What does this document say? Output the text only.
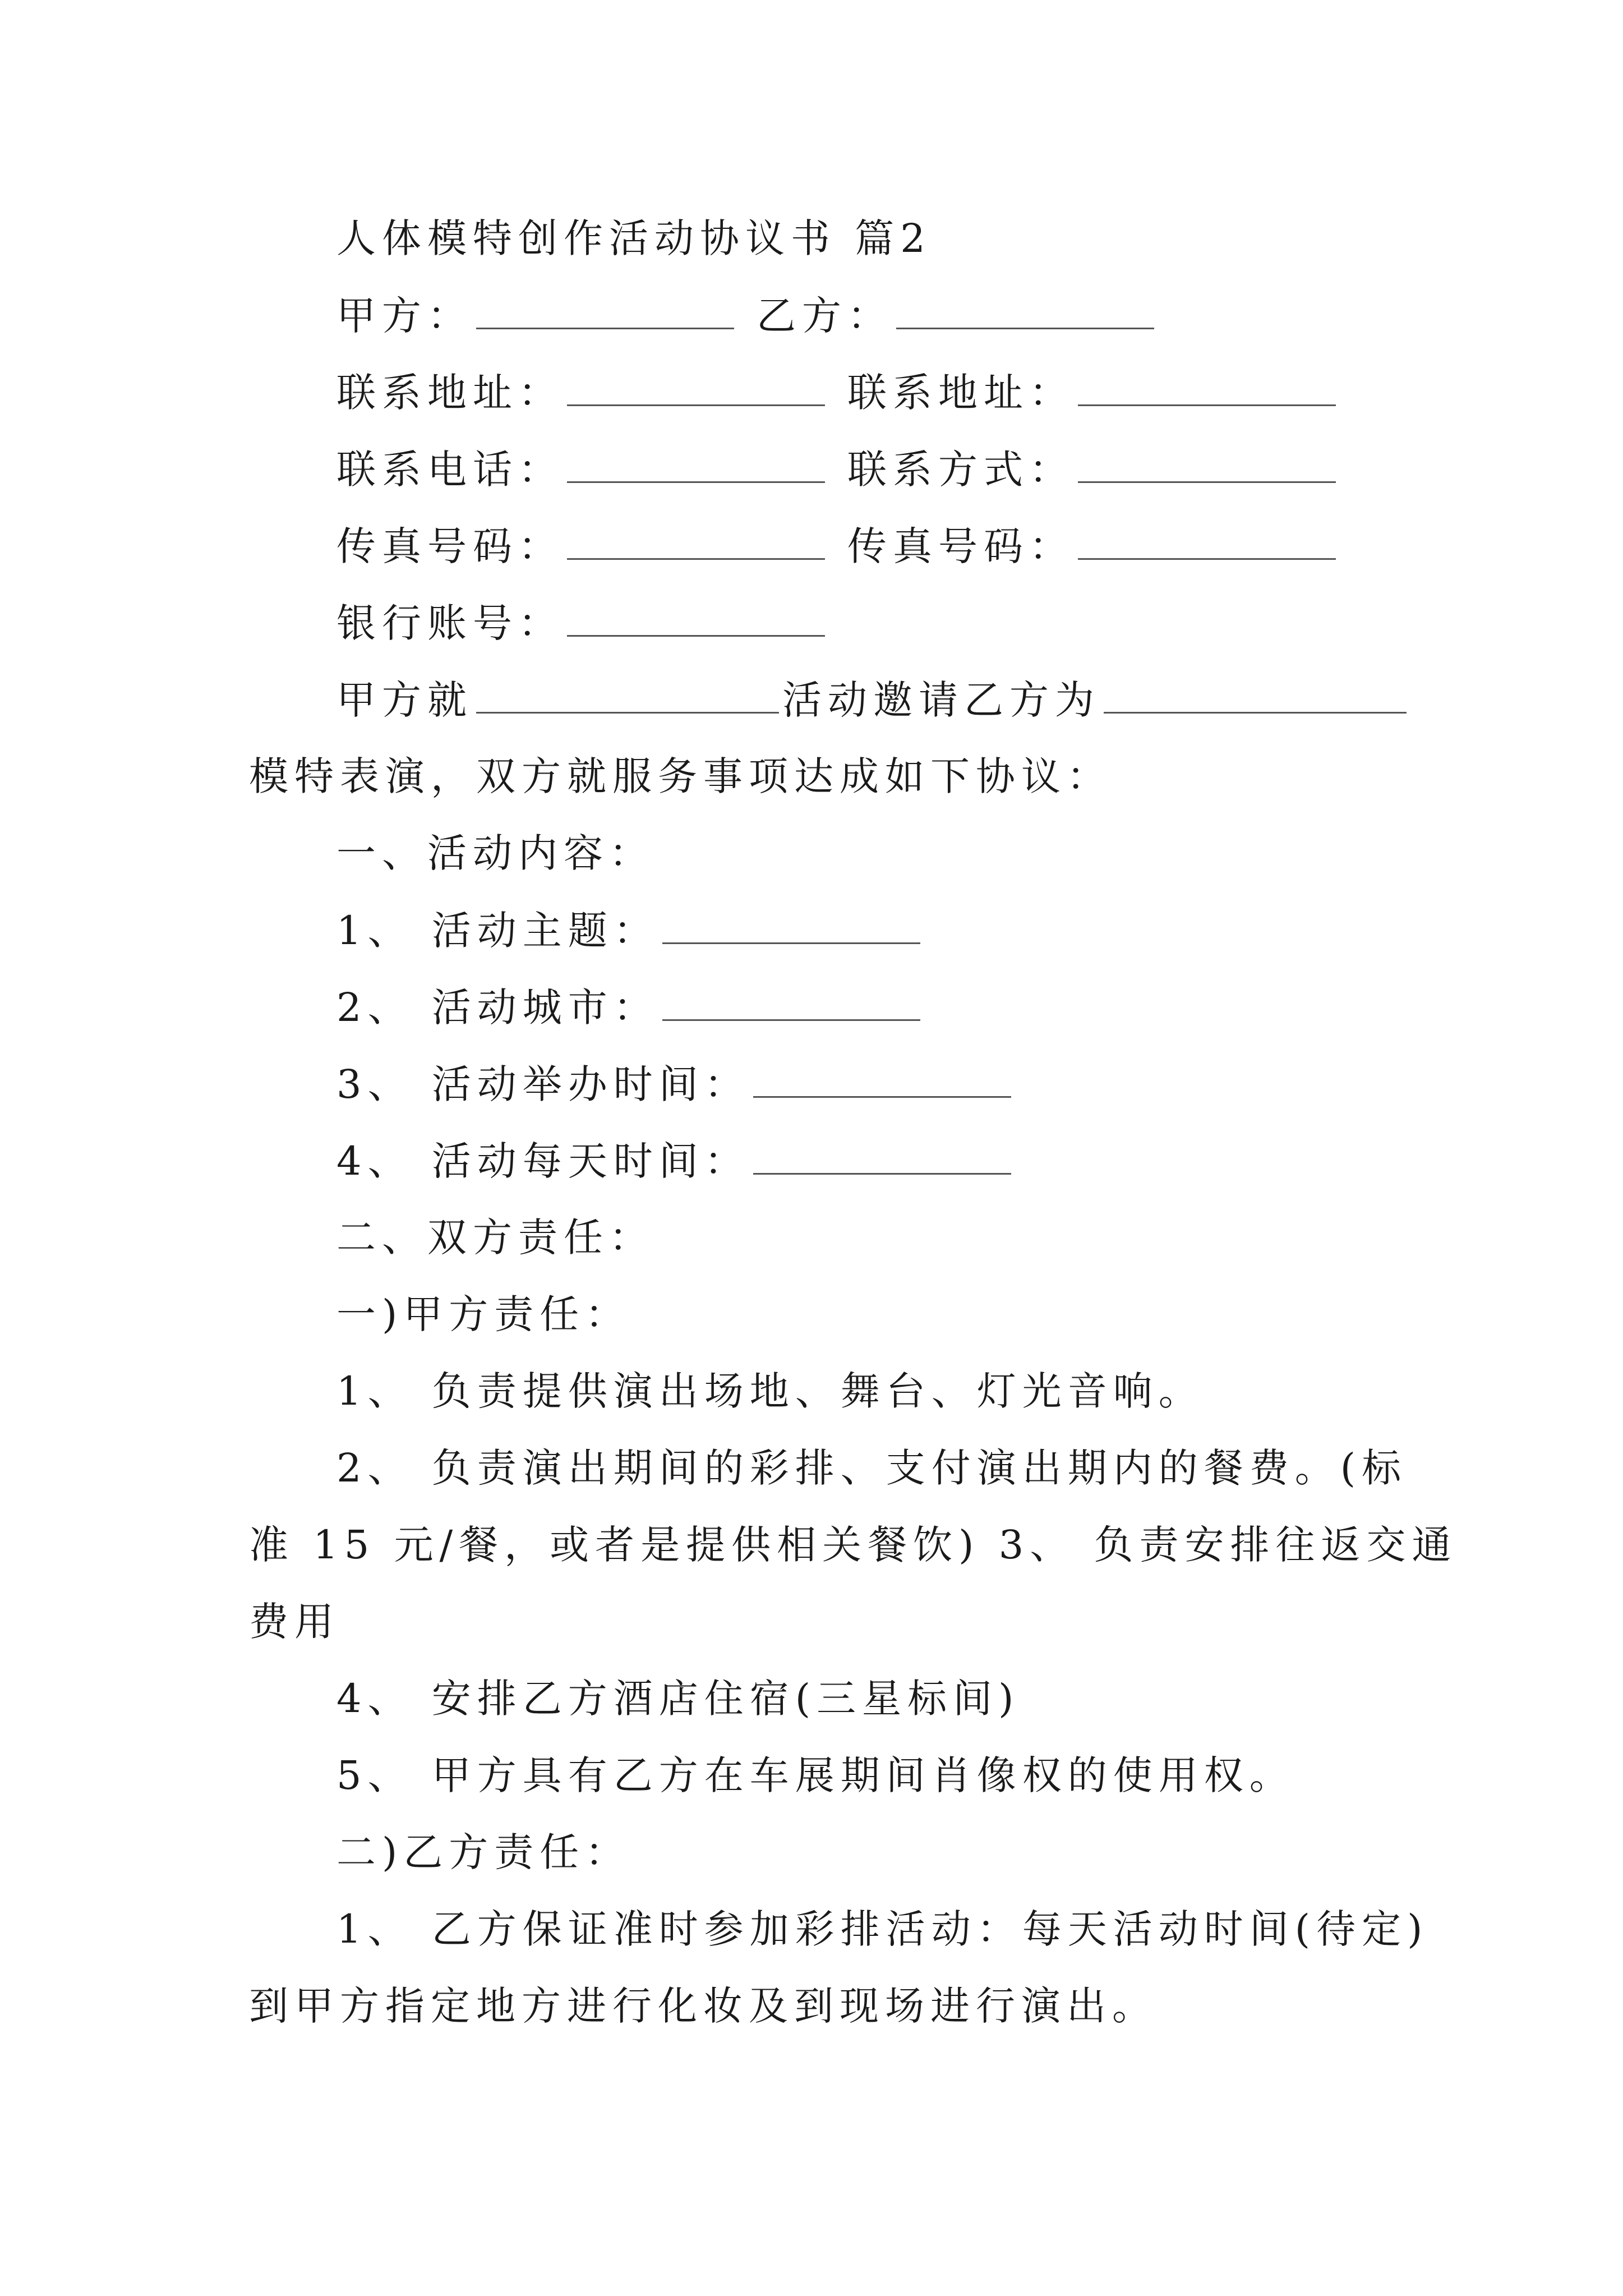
人体模特创作活动协议书 篇2
甲方：	乙方：
联系地址：	联系地址：
联系电话：	联系方式：
传真号码：	传真号码：
银行账号：
甲方就	活动邀请乙方为
模特表演，双方就服务事项达成如下协议：
一、活动内容：
1、 活动主题：
2、 活动城市：
3、 活动举办时间：
4、 活动每天时间：
二、双方责任：
一)甲方责任：
1、 负责提供演出场地、舞台、灯光音响。
2、 负责演出期间的彩排、支付演出期内的餐费。(标
准 15 元/餐，或者是提供相关餐饮) 3、 负责安排往返交通
费用
4、 安排乙方酒店住宿(三星标间)
5、 甲方具有乙方在车展期间肖像权的使用权。
二)乙方责任：
1、 乙方保证准时参加彩排活动：每天活动时间(待定)
到甲方指定地方进行化妆及到现场进行演出。
